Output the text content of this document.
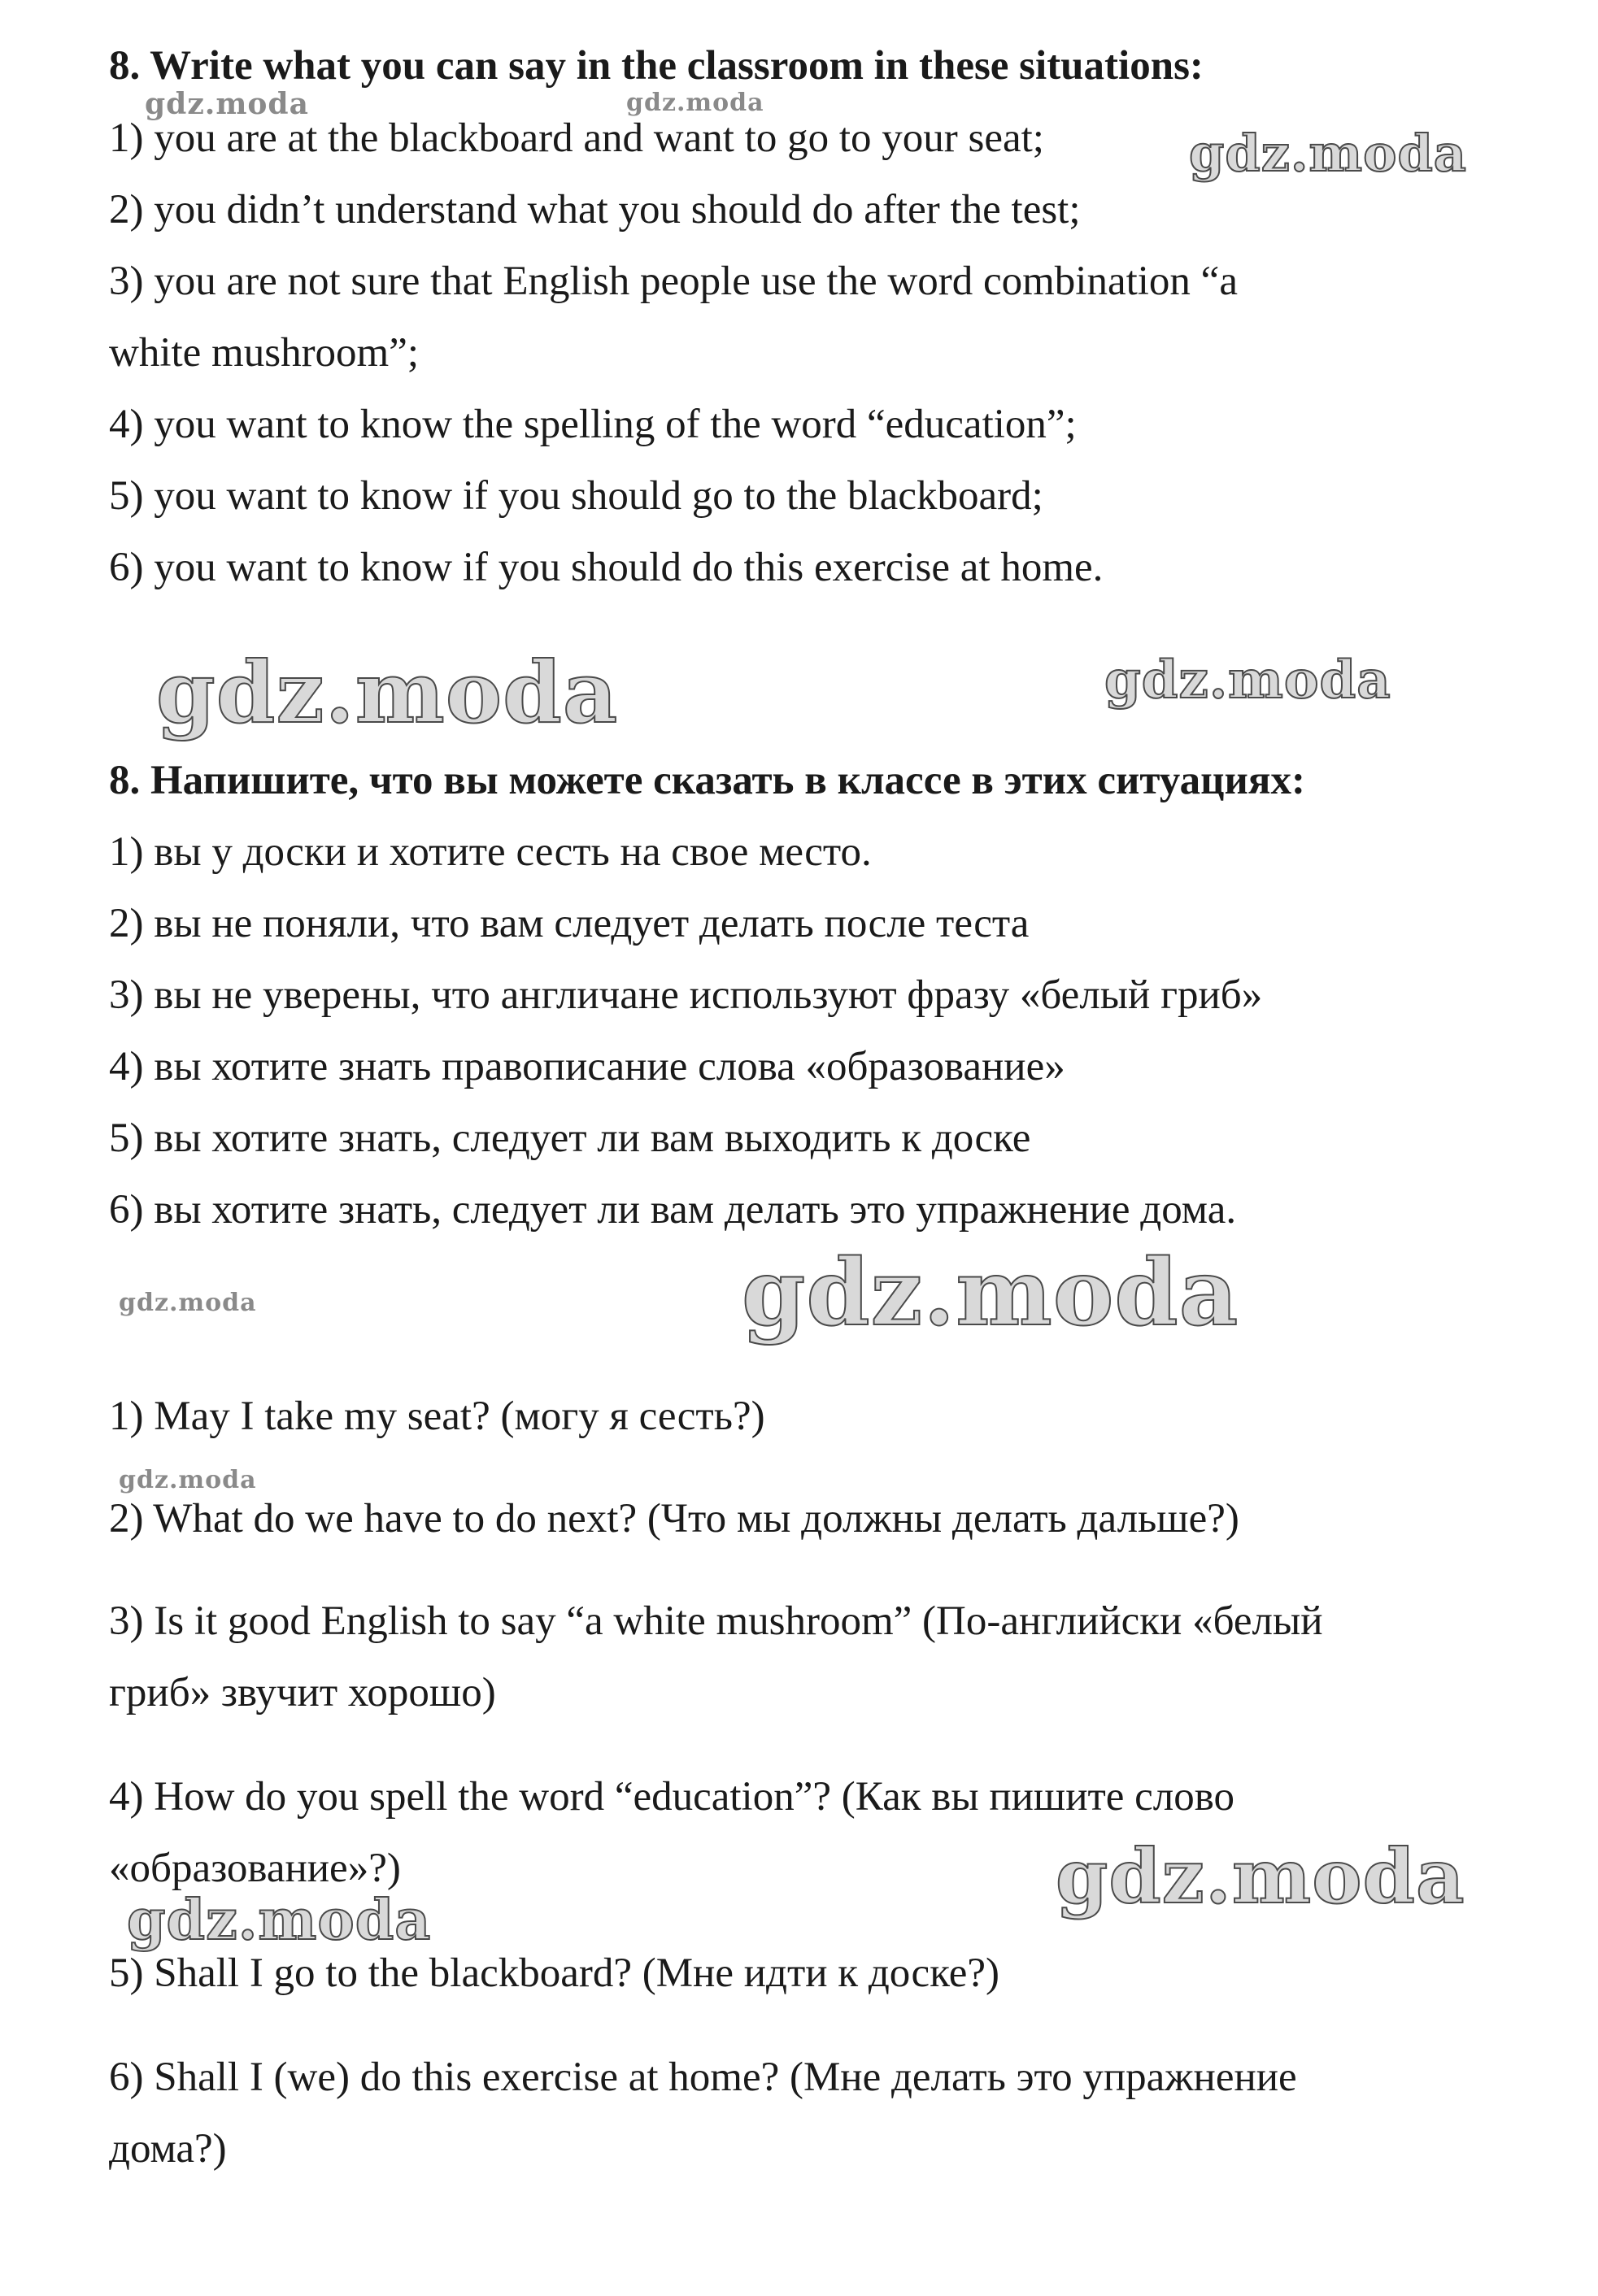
8. Write what you can say in the classroom in these situations:
1) you are at the blackboard and want to go to your seat;
2) you didn’t understand what you should do after the test;
3) you are not sure that English people use the word combination “a
white mushroom”;
4) you want to know the spelling of the word “education”;
5) you want to know if you should go to the blackboard;
6) you want to know if you should do this exercise at home.
8. Напишите, что вы можете сказать в классе в этих ситуациях:
1) вы у доски и хотите сесть на свое место.
2) вы не поняли, что вам следует делать после теста
3) вы не уверены, что англичане используют фразу «белый гриб»
4) вы хотите знать правописание слова «образование»
5) вы хотите знать, следует ли вам выходить к доске
6) вы хотите знать, следует ли вам делать это упражнение дома.
1) May I take my seat? (могу я сесть?)
2) What do we have to do next? (Что мы должны делать дальше?)
3) Is it good English to say “a white mushroom” (По-английски «белый
гриб» звучит хорошо)
4) How do you spell the word “education”? (Как вы пишите слово
«образование»?)
5) Shall I go to the blackboard? (Мне идти к доске?)
6) Shall I (we) do this exercise at home? (Мне делать это упражнение
дома?)
gdz.moda	gdz.moda
gdz.moda
gdz.moda	gdz.moda
gdz.moda	gdz.moda
gdz.moda
gdz.moda
gdz.moda
